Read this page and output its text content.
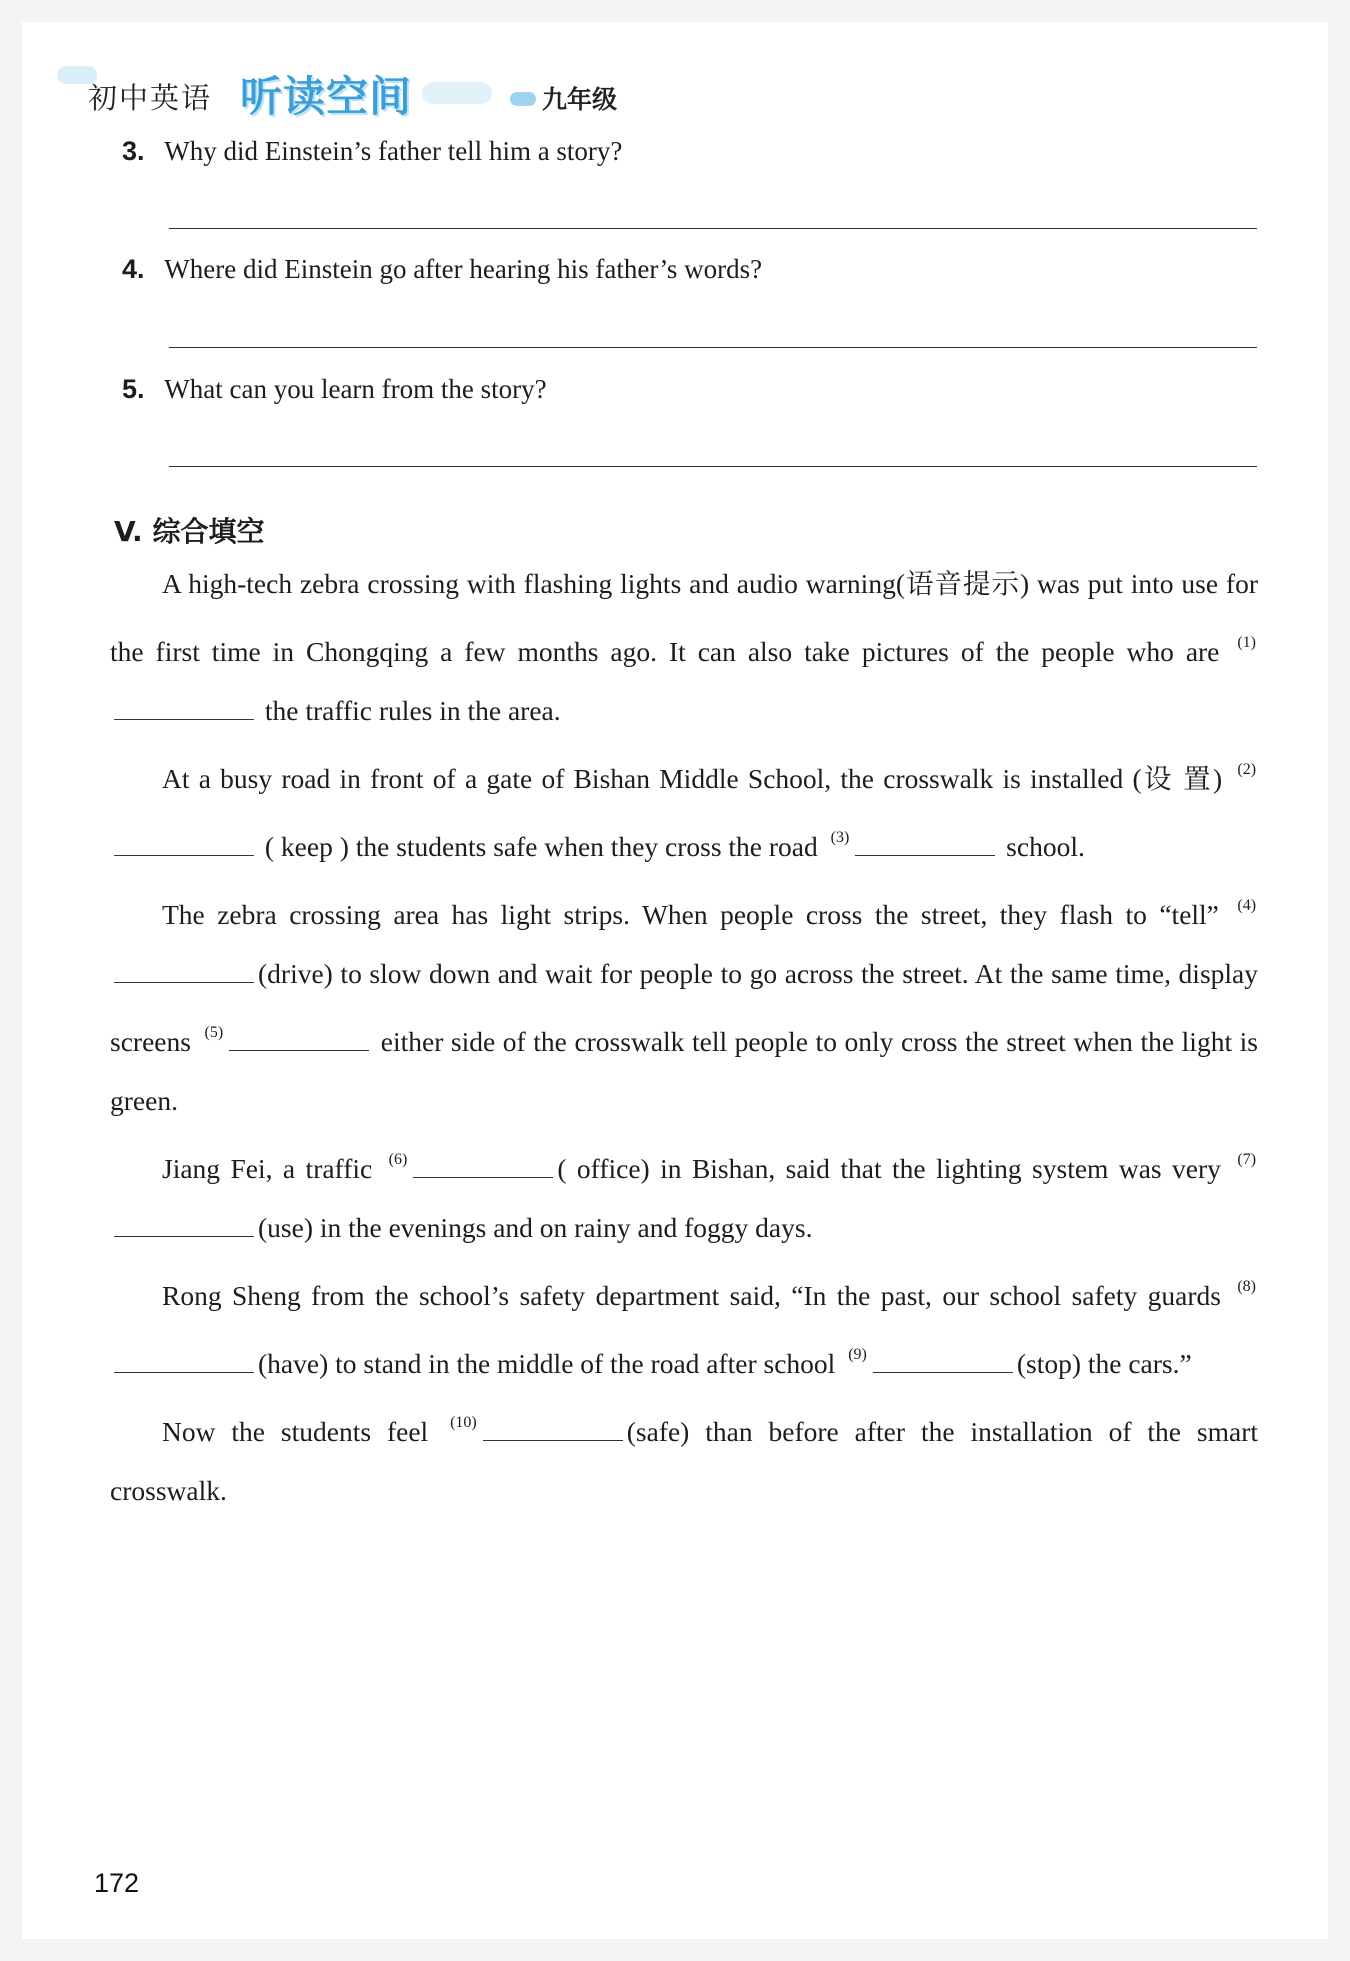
初中英语 听读空间	九年级
3. Why did Einstein’s father tell him a story?
4. Where did Einstein go after hearing his father’s words?
5. What can you learn from the story?
V. 综合填空

A high-tech zebra crossing with flashing lights and audio warning(语音提示) was put into use for the first time in Chongqing a few months ago. It can also take pictures of the people who are $^{(1)}$ the traffic rules in the area.

At a busy road in front of a gate of Bishan Middle School, the crosswalk is installed (设 置) $^{(2)}$ ( keep ) the students safe when they cross the road $^{(3)}$	school.

The zebra crossing area has light strips. When people cross the street, they flash to “tell” $^{(4)}$(drive) to slow down and wait for people to go across the street. At the same time, display screens $^{(5)}$	either side of the crosswalk tell people to only cross the street when the light is green.

Jiang Fei, a traffic $^{(6)}$	( office) in Bishan, said that the lighting system was very $^{(7)}$(use) in the evenings and on rainy and foggy days.

Rong Sheng from the school’s safety department said, “In the past, our school safety guards $^{(8)}$(have) to stand in the middle of the road after school $^{(9)}$	(stop) the cars.”

Now the students feel $^{(10)}$	(safe) than before after the installation of the smart crosswalk.

172
